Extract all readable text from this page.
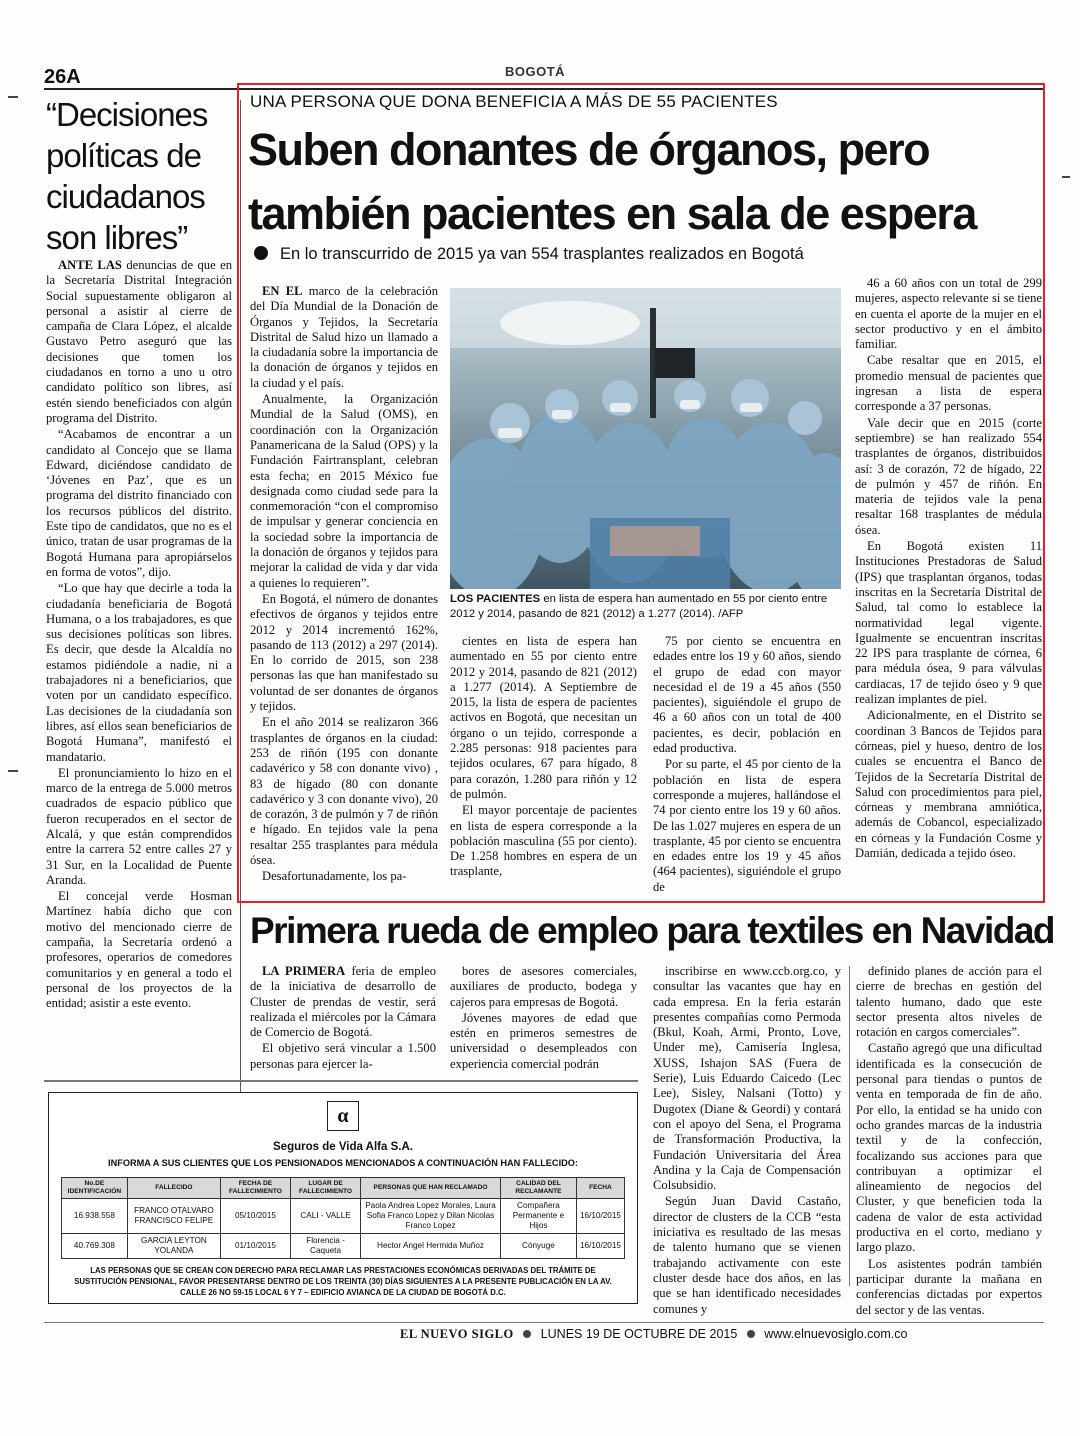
26A	BOGOTÁ
“Decisiones políticas de ciudadanos son libres”

ANTE LAS denuncias de que en la Secretaría Distrital Integración Social supuestamente obligaron al personal a asistir al cierre de campaña de Clara López, el alcalde Gustavo Petro aseguró que las decisiones que tomen los ciudadanos en torno a uno u otro candidato político son libres, así estén siendo beneficiados con algún programa del Distrito.

“Acabamos de encontrar a un candidato al Concejo que se llama Edward, diciéndose candidato de ‘Jóvenes en Paz’, que es un programa del distrito financiado con los recursos públicos del distrito. Este tipo de candidatos, que no es el único, tratan de usar programas de la Bogotá Humana para apropiárselos en forma de votos”, dijo.

“Lo que hay que decirle a toda la ciudadanía beneficiaria de Bogotá Humana, o a los trabajadores, es que sus decisiones políticas son libres. Es decir, que desde la Alcaldía no estamos pidiéndole a nadie, ni a trabajadores ni a beneficiarios, que voten por un candidato específico. Las decisiones de la ciudadanía son libres, así ellos sean beneficiarios de Bogotá Humana”, manifestó el mandatario.

El pronunciamiento lo hizo en el marco de la entrega de 5.000 metros cuadrados de espacio público que fueron recuperados en el sector de Alcalá, y que están comprendidos entre la carrera 52 entre calles 27 y 31 Sur, en la Localidad de Puente Aranda.

El concejal verde Hosman Martínez había dicho que con motivo del mencionado cierre de campaña, la Secretaría ordenó a profesores, operarios de comedores comunitarios y en general a todo el personal de los proyectos de la entidad; asistir a este evento.

UNA PERSONA QUE DONA BENEFICIA A MÁS DE 55 PACIENTES
Suben donantes de órganos, pero también pacientes en sala de espera
En lo transcurrido de 2015 ya van 554 trasplantes realizados en Bogotá

EN EL marco de la celebración del Día Mundial de la Donación de Órganos y Tejidos, la Secretaría Distrital de Salud hizo un llamado a la ciudadanía sobre la importancia de la donación de órganos y tejidos en la ciudad y el país.

Anualmente, la Organización Mundial de la Salud (OMS), en coordinación con la Organización Panamericana de la Salud (OPS) y la Fundación Fairtransplant, celebran esta fecha; en 2015 México fue designada como ciudad sede para la conmemoración “con el compromiso de impulsar y generar conciencia en la sociedad sobre la importancia de la donación de órganos y tejidos para mejorar la calidad de vida y dar vida a quienes lo requieren”.

En Bogotá, el número de donantes efectivos de órganos y tejidos entre 2012 y 2014 incrementó 162%, pasando de 113 (2012) a 297 (2014). En lo corrido de 2015, son 238 personas las que han manifestado su voluntad de ser donantes de órganos y tejidos.

En el año 2014 se realizaron 366 trasplantes de órganos en la ciudad: 253 de riñón (195 con donante cadavérico y 58 con donante vivo) , 83 de hígado (80 con donante cadavérico y 3 con donante vivo), 20 de corazón, 3 de pulmón y 7 de riñón e hígado. En tejidos vale la pena resaltar 255 trasplantes para médula ósea.

Desafortunadamente, los pa-

LOS PACIENTES en lista de espera han aumentado en 55 por ciento entre 2012 y 2014, pasando de 821 (2012) a 1.277 (2014). /AFP

cientes en lista de espera han aumentado en 55 por ciento entre 2012 y 2014, pasando de 821 (2012) a 1.277 (2014). A Septiembre de 2015, la lista de espera de pacientes activos en Bogotá, que necesitan un órgano o un tejido, corresponde a 2.285 personas: 918 pacientes para tejidos oculares, 67 para hígado, 8 para corazón, 1.280 para riñón y 12 de pulmón.

El mayor porcentaje de pacientes en lista de espera corresponde a la población masculina (55 por ciento). De 1.258 hombres en espera de un trasplante,

75 por ciento se encuentra en edades entre los 19 y 60 años, siendo el grupo de edad con mayor necesidad el de 19 a 45 años (550 pacientes), siguiéndole el grupo de 46 a 60 años con un total de 400 pacientes, es decir, población en edad productiva.

Por su parte, el 45 por ciento de la población en lista de espera corresponde a mujeres, hallándose el 74 por ciento entre los 19 y 60 años. De las 1.027 mujeres en espera de un trasplante, 45 por ciento se encuentra en edades entre los 19 y 45 años (464 pacientes), siguiéndole el grupo de

46 a 60 años con un total de 299 mujeres, aspecto relevante si se tiene en cuenta el aporte de la mujer en el sector productivo y en el ámbito familiar.

Cabe resaltar que en 2015, el promedio mensual de pacientes que ingresan a lista de espera corresponde a 37 personas.

Vale decir que en 2015 (corte septiembre) se han realizado 554 trasplantes de órganos, distribuidos así: 3 de corazón, 72 de hígado, 22 de pulmón y 457 de riñón. En materia de tejidos vale la pena resaltar 168 trasplantes de médula ósea.

En Bogotá existen 11 Instituciones Prestadoras de Salud (IPS) que trasplantan órganos, todas inscritas en la Secretaría Distrital de Salud, tal como lo establece la normatividad legal vigente. Igualmente se encuentran inscritas 22 IPS para trasplante de córnea, 6 para médula ósea, 9 para válvulas cardiacas, 17 de tejido óseo y 9 que realizan implantes de piel.

Adicionalmente, en el Distrito se coordinan 3 Bancos de Tejidos para córneas, piel y hueso, dentro de los cuales se encuentra el Banco de Tejidos de la Secretaría Distrital de Salud con procedimientos para piel, córneas y membrana amniótica, además de Cobancol, especializado en córneas y la Fundación Cosme y Damián, dedicada a tejido óseo.

Primera rueda de empleo para textiles en Navidad

LA PRIMERA feria de empleo de la iniciativa de desarrollo de Cluster de prendas de vestir, será realizada el miércoles por la Cámara de Comercio de Bogotá.

El objetivo será vincular a 1.500 personas para ejercer la-

bores de asesores comerciales, auxiliares de producto, bodega y cajeros para empresas de Bogotá.

Jóvenes mayores de edad que estén en primeros semestres de universidad o desempleados con experiencia comercial podrán

inscribirse en www.ccb.org.co, y consultar las vacantes que hay en cada empresa. En la feria estarán presentes compañías como Permoda (Bkul, Koah, Armi, Pronto, Love, Under me), Camisería Inglesa, XUSS, Ishajon SAS (Fuera de Serie), Luis Eduardo Caicedo (Lec Lee), Sisley, Nalsani (Totto) y Dugotex (Diane & Geordi) y contará con el apoyo del Sena, el Programa de Transformación Productiva, la Fundación Universitaria del Área Andina y la Caja de Compensación Colsubsidio.

Según Juan David Castaño, director de clusters de la CCB “esta iniciativa es resultado de las mesas de talento humano que se vienen trabajando activamente con este cluster desde hace dos años, en las que se han identificado necesidades comunes y

definido planes de acción para el cierre de brechas en gestión del talento humano, dado que este sector presenta altos niveles de rotación en cargos comerciales”.

Castaño agregó que una dificultad identificada es la consecución de personal para tiendas o puntos de venta en temporada de fin de año. Por ello, la entidad se ha unido con ocho grandes marcas de la industria textil y de la confección, focalizando sus acciones para que contribuyan a optimizar el alineamiento de negocios del Cluster, y que beneficien toda la cadena de valor de esta actividad productiva en el corto, mediano y largo plazo.

Los asistentes podrán también participar durante la mañana en conferencias dictadas por expertos del sector y de las ventas.

α
Seguros de Vida Alfa S.A.
INFORMA A SUS CLIENTES QUE LOS PENSIONADOS MENCIONADOS A CONTINUACIÓN HAN FALLECIDO:
No.DE IDENTIFICACIÓN	FALLECIDO	FECHA DE FALLECIMIENTO	LUGAR DE FALLECIMIENTO	PERSONAS QUE HAN RECLAMADO	CALIDAD DEL RECLAMANTE	FECHA
16.938.558	FRANCO OTALVARO FRANCISCO FELIPE	05/10/2015	CALI - VALLE	Paola Andrea Lopez Morales, Laura Sofia Franco Lopez y Dilan Nicolas Franco Lopez	Compañera Permanente e Hijos	16/10/2015
40.769.308	GARCIA LEYTON YOLANDA	01/10/2015	Florencia - Caqueta	Hector Angel Hermida Muñoz	Cónyuge	16/10/2015
LAS PERSONAS QUE SE CREAN CON DERECHO PARA RECLAMAR LAS PRESTACIONES ECONÓMICAS DERIVADAS DEL TRÁMITE DE SUSTITUCIÓN PENSIONAL, FAVOR PRESENTARSE DENTRO DE LOS TREINTA (30) DÍAS SIGUIENTES A LA PRESENTE PUBLICACIÓN EN LA AV. CALLE 26 NO 59-15 LOCAL 6 Y 7 – EDIFICIO AVIANCA DE LA CIUDAD DE BOGOTÁ D.C.
EL NUEVO SIGLO LUNES 19 DE OCTUBRE DE 2015 www.elnuevosiglo.com.co
